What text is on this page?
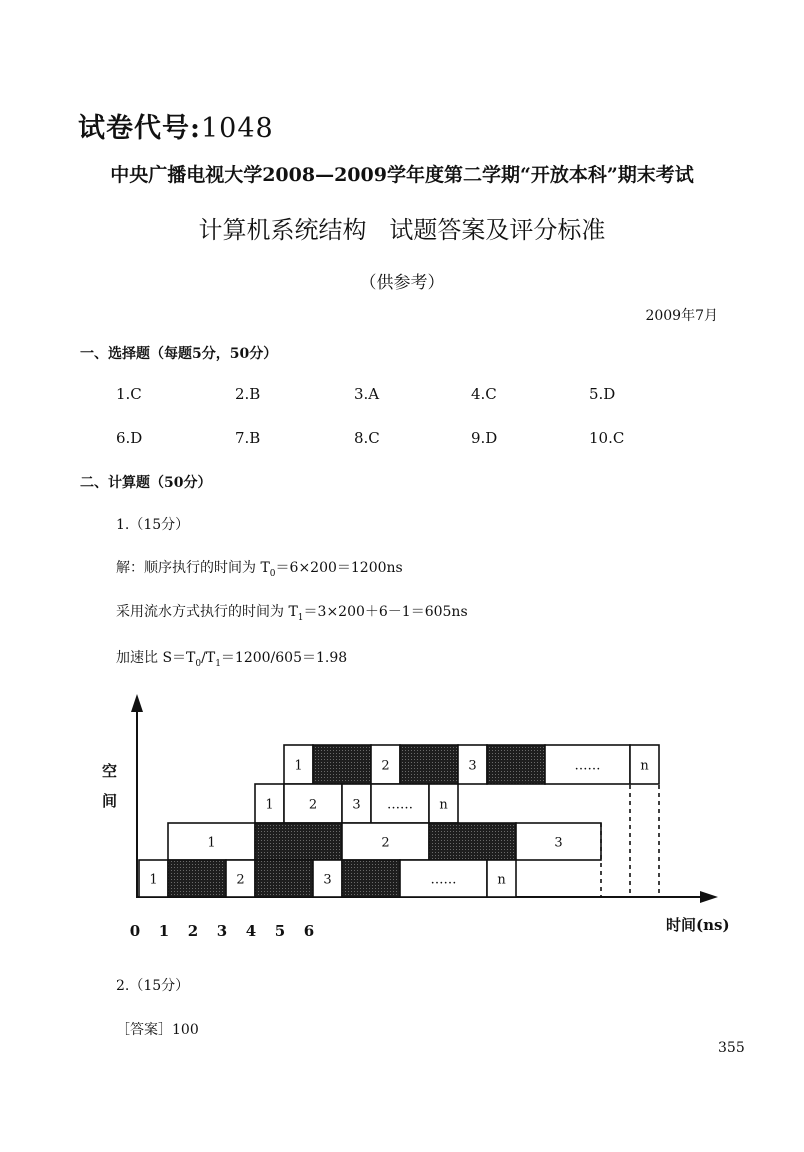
试卷代号:1048
中央广播电视大学2008—2009学年度第二学期“开放本科”期末考试
计算机系统结构   试题答案及评分标准
（供参考）
2009年7月
一、选择题（每题5分，50分）
1.C	2.B	3.A	4.C	5.D
6.D	7.B	8.C	9.D	10.C
二、计算题（50分）
1.（15分）
解：顺序执行的时间为 $T_0=6\times 200=1200ns$
采用流水方式执行的时间为 $T_1=3\times 200+6-1=605ns$
加速比 $S=T_0/T_1=1200/605=1.98$
1	2	3	……	n
1	2	3 …… n
1	2	3
1	2	3	……	n
空
间
0 1 2 3 4 5 6	时间(ns)
2.（15分）
［答案］100
355
